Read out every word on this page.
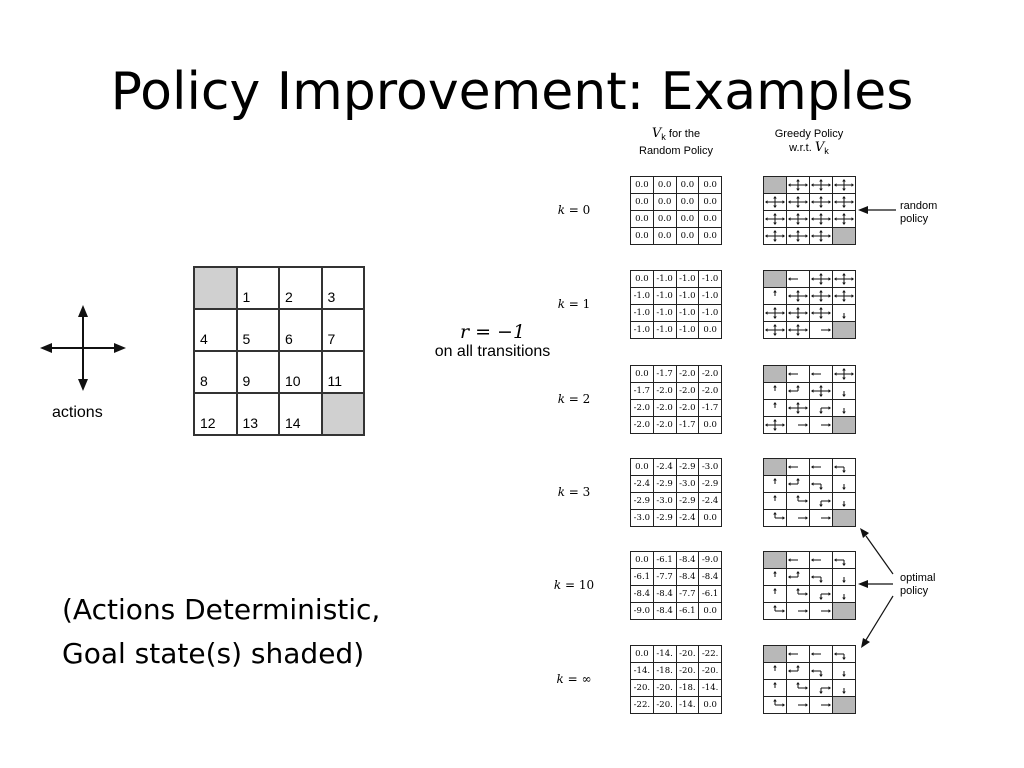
Policy Improvement: Examples
actions
	1	2	3
4	5	6	7
8	9	10	11
12	13	14	
r = −1
on all transitions
(Actions Deterministic,
Goal state(s) shaded)
$V_k$ for the
Random Policy
Greedy Policy
w.r.t. $V_k$
k = 0
0.0	0.0	0.0	0.0
0.0	0.0	0.0	0.0
0.0	0.0	0.0	0.0
0.0	0.0	0.0	0.0

k = 1
0.0	-1.0	-1.0	-1.0
-1.0	-1.0	-1.0	-1.0
-1.0	-1.0	-1.0	-1.0
-1.0	-1.0	-1.0	0.0

k = 2
0.0	-1.7	-2.0	-2.0
-1.7	-2.0	-2.0	-2.0
-2.0	-2.0	-2.0	-1.7
-2.0	-2.0	-1.7	0.0

k = 3
0.0	-2.4	-2.9	-3.0
-2.4	-2.9	-3.0	-2.9
-2.9	-3.0	-2.9	-2.4
-3.0	-2.9	-2.4	0.0

k = 10
0.0	-6.1	-8.4	-9.0
-6.1	-7.7	-8.4	-8.4
-8.4	-8.4	-7.7	-6.1
-9.0	-8.4	-6.1	0.0

k = ∞
0.0	-14.	-20.	-22.
-14.	-18.	-20.	-20.
-20.	-20.	-18.	-14.
-22.	-20.	-14.	0.0

random
policy
optimal
policy
